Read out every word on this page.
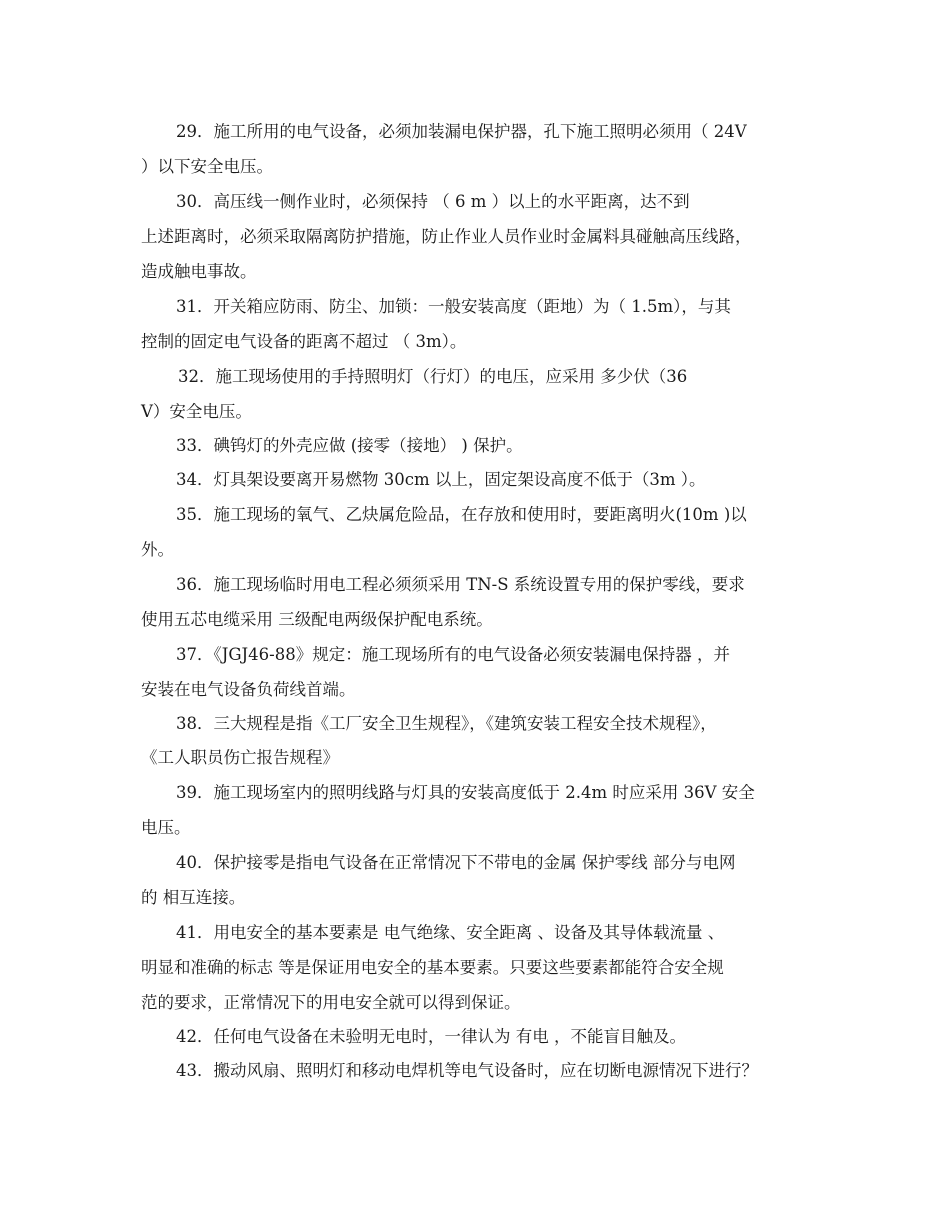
29．施工所用的电气设备，必须加装漏电保护器，孔下施工照明必须用（ 24V
）以下安全电压。
30．高压线一侧作业时，必须保持 （ 6 m ）以上的水平距离，达不到
上述距离时，必须采取隔离防护措施，防止作业人员作业时金属料具碰触高压线路，
造成触电事故。
31．开关箱应防雨、防尘、加锁：一般安装高度（距地）为（ 1.5m），与其
控制的固定电气设备的距离不超过 （ 3m）。
32．施工现场使用的手持照明灯（行灯）的电压，应采用 多少伏（36
V）安全电压。
33．碘钨灯的外壳应做 (接零（接地） ) 保护。
34．灯具架设要离开易燃物 30cm 以上，固定架设高度不低于（3m ）。
35．施工现场的氧气、乙炔属危险品，在存放和使用时，要距离明火(10m )以
外。
36．施工现场临时用电工程必须须采用 TN-S 系统设置专用的保护零线，要求
使用五芯电缆采用 三级配电两级保护配电系统。
37．《JGJ46-88》规定：施工现场所有的电气设备必须安装漏电保持器 ，并
安装在电气设备负荷线首端。
38．三大规程是指《工厂安全卫生规程》，《建筑安装工程安全技术规程》，
《工人职员伤亡报告规程》
39．施工现场室内的照明线路与灯具的安装高度低于 2.4m 时应采用 36V 安全
电压。
40．保护接零是指电气设备在正常情况下不带电的金属 保护零线 部分与电网
的 相互连接。
41．用电安全的基本要素是 电气绝缘、安全距离 、设备及其导体载流量 、
明显和准确的标志 等是保证用电安全的基本要素。只要这些要素都能符合安全规
范的要求，正常情况下的用电安全就可以得到保证。
42．任何电气设备在未验明无电时，一律认为 有电 ，不能盲目触及。
43．搬动风扇、照明灯和移动电焊机等电气设备时，应在切断电源情况下进行？
